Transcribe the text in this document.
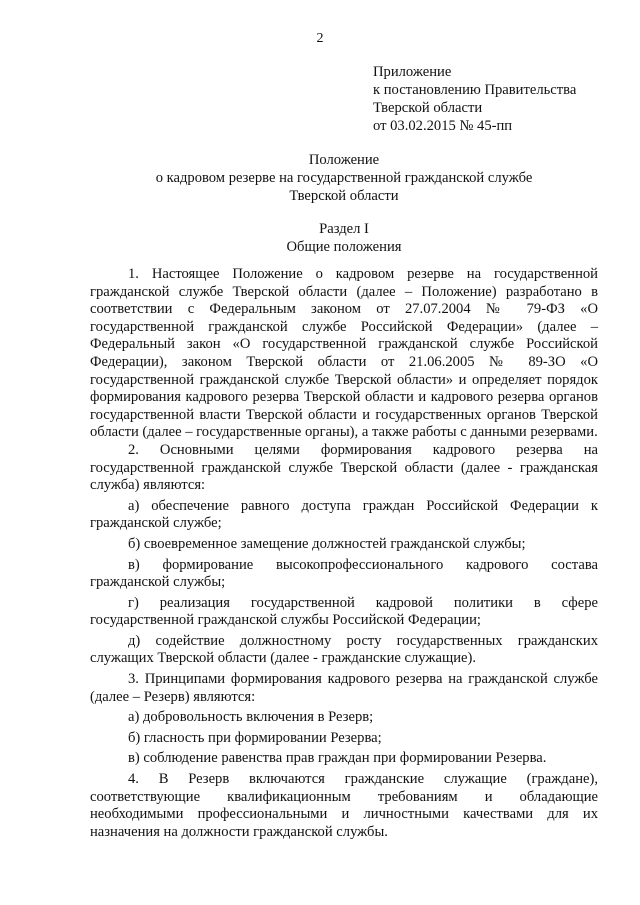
2
Приложение
к постановлению Правительства
Тверской области
от 03.02.2015 № 45-пп
Положение
о кадровом резерве на государственной гражданской службе
Тверской области
Раздел I
Общие положения

1. Настоящее Положение о кадровом резерве на государственной гражданской службе Тверской области (далее – Положение) разработано в соответствии с Федеральным законом от 27.07.2004 № 79-ФЗ «О государственной гражданской службе Российской Федерации» (далее – Федеральный закон «О государственной гражданской службе Российской Федерации), законом Тверской области от 21.06.2005 № 89-ЗО «О государственной гражданской службе Тверской области» и определяет порядок формирования кадрового резерва Тверской области и кадрового резерва органов государственной власти Тверской области и государственных органов Тверской области (далее – государственные органы), а также работы с данными резервами.

2. Основными целями формирования кадрового резерва на государственной гражданской службе Тверской области (далее - гражданская служба) являются:

а) обеспечение равного доступа граждан Российской Федерации к гражданской службе;

б) своевременное замещение должностей гражданской службы;

в) формирование высокопрофессионального кадрового состава гражданской службы;

г) реализация государственной кадровой политики в сфере государственной гражданской службы Российской Федерации;

д) содействие должностному росту государственных гражданских служащих Тверской области (далее - гражданские служащие).

3. Принципами формирования кадрового резерва на гражданской службе (далее – Резерв) являются:

а) добровольность включения в Резерв;

б) гласность при формировании Резерва;

в) соблюдение равенства прав граждан при формировании Резерва.

4. В Резерв включаются гражданские служащие (граждане), соответствующие квалификационным требованиям и обладающие необходимыми профессиональными и личностными качествами для их назначения на должности гражданской службы.
